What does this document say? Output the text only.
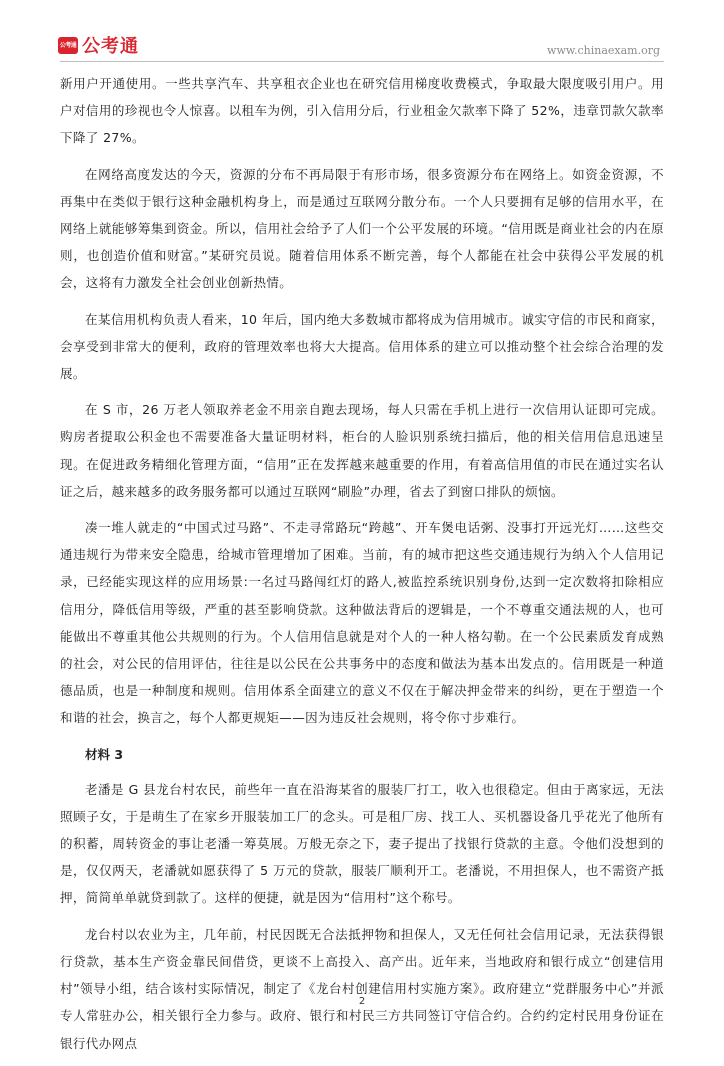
公考通 公考通	www.chinaexam.org

新用户开通使用。一些共享汽车、共享租衣企业也在研究信用梯度收费模式，争取最大限度吸引用户。用户对信用的珍视也令人惊喜。以租车为例，引入信用分后，行业租金欠款率下降了 52%，违章罚款欠款率下降了 27%。

在网络高度发达的今天，资源的分布不再局限于有形市场，很多资源分布在网络上。如资金资源，不再集中在类似于银行这种金融机构身上，而是通过互联网分散分布。一个人只要拥有足够的信用水平，在网络上就能够筹集到资金。所以，信用社会给予了人们一个公平发展的环境。“信用既是商业社会的内在原则，也创造价值和财富。”某研究员说。随着信用体系不断完善，每个人都能在社会中获得公平发展的机会，这将有力激发全社会创业创新热情。

在某信用机构负责人看来，10 年后，国内绝大多数城市都将成为信用城市。诚实守信的市民和商家，会享受到非常大的便利，政府的管理效率也将大大提高。信用体系的建立可以推动整个社会综合治理的发展。

在 S 市，26 万老人领取养老金不用亲自跑去现场，每人只需在手机上进行一次信用认证即可完成。购房者提取公积金也不需要准备大量证明材料，柜台的人脸识别系统扫描后，他的相关信用信息迅速呈现。在促进政务精细化管理方面，“信用”正在发挥越来越重要的作用，有着高信用值的市民在通过实名认证之后，越来越多的政务服务都可以通过互联网“刷脸”办理，省去了到窗口排队的烦恼。

凑一堆人就走的“中国式过马路”、不走寻常路玩“跨越”、开车煲电话粥、没事打开远光灯……这些交通违规行为带来安全隐患，给城市管理增加了困难。当前，有的城市把这些交通违规行为纳入个人信用记录，已经能实现这样的应用场景:一名过马路闯红灯的路人,被监控系统识别身份,达到一定次数将扣除相应信用分，降低信用等级，严重的甚至影响贷款。这种做法背后的逻辑是，一个不尊重交通法规的人，也可能做出不尊重其他公共规则的行为。个人信用信息就是对个人的一种人格勾勒。在一个公民素质发育成熟的社会，对公民的信用评估，往往是以公民在公共事务中的态度和做法为基本出发点的。信用既是一种道德品质，也是一种制度和规则。信用体系全面建立的意义不仅在于解决押金带来的纠纷，更在于塑造一个和谐的社会，换言之，每个人都更规矩——因为违反社会规则，将令你寸步难行。

材料 3

老潘是 G 县龙台村农民，前些年一直在沿海某省的服装厂打工，收入也很稳定。但由于离家远，无法照顾子女，于是萌生了在家乡开服装加工厂的念头。可是租厂房、找工人、买机器设备几乎花光了他所有的积蓄，周转资金的事让老潘一筹莫展。万般无奈之下，妻子提出了找银行贷款的主意。令他们没想到的是，仅仅两天，老潘就如愿获得了 5 万元的贷款，服装厂顺利开工。老潘说，不用担保人，也不需资产抵押，简简单单就贷到款了。这样的便捷，就是因为“信用村”这个称号。

龙台村以农业为主，几年前，村民因既无合法抵押物和担保人，又无任何社会信用记录，无法获得银行贷款，基本生产资金靠民间借贷，更谈不上高投入、高产出。近年来，当地政府和银行成立“创建信用村”领导小组，结合该村实际情况，制定了《龙台村创建信用村实施方案》。政府建立“党群服务中心”并派专人常驻办公，相关银行全力参与。政府、银行和村民三方共同签订守信合约。合约约定村民用身份证在银行代办网点

2
